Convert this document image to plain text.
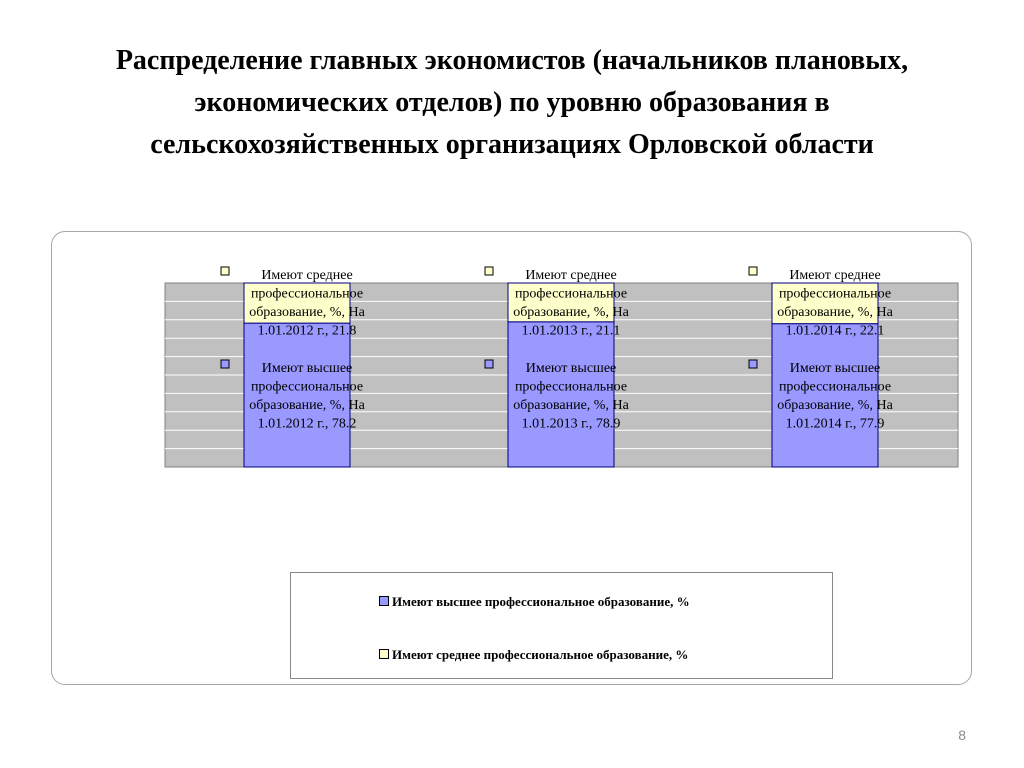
Распределение главных экономистов (начальников плановых, экономических отделов) по уровню образования в сельскохозяйственных организациях Орловской области
Имеют среднее
профессиональное
образование, %, На
1.01.2012 г., 21.8
Имеют высшее
профессиональное
образование, %, На
1.01.2012 г., 78.2
Имеют среднее
профессиональное
образование, %, На
1.01.2013 г., 21.1
Имеют высшее
профессиональное
образование, %, На
1.01.2013 г., 78.9
Имеют среднее
профессиональное
образование, %, На
1.01.2014 г., 22.1
Имеют высшее
профессиональное
образование, %, На
1.01.2014 г., 77.9
Имеют высшее профессиональное образование, %
Имеют среднее профессиональное образование, %
8
